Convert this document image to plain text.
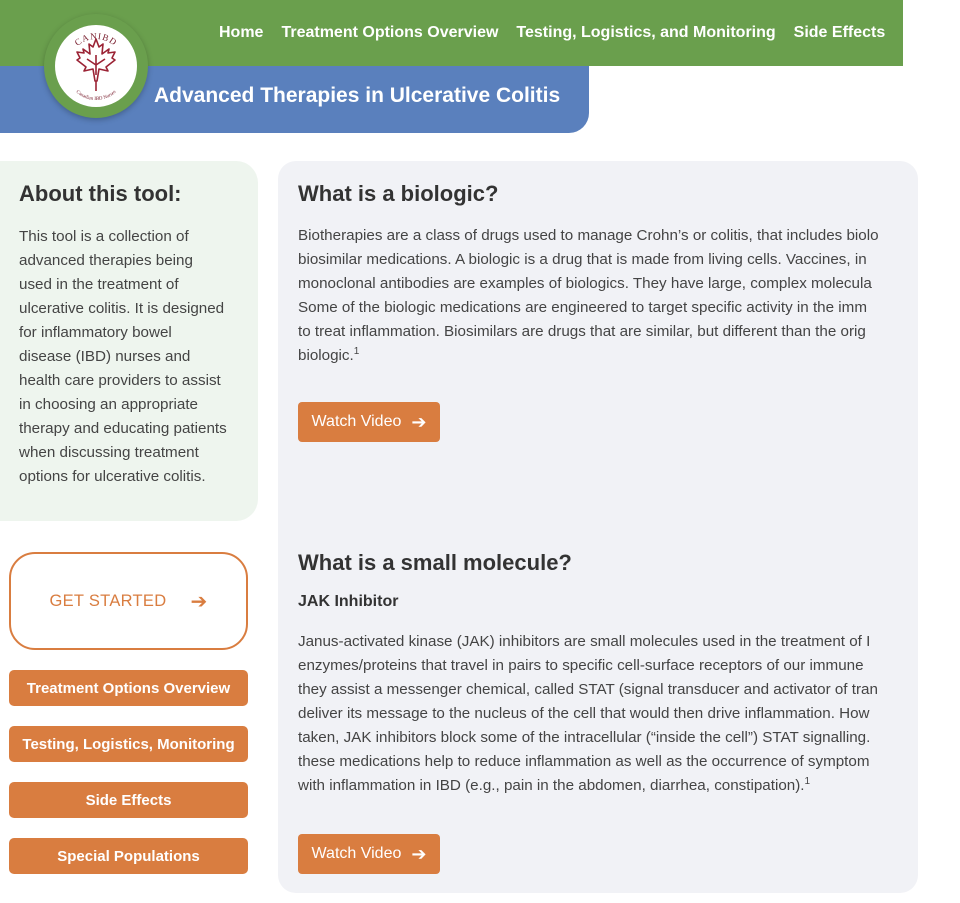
Home Treatment Options Overview Testing, Logistics, and Monitoring Side Effects Spec
Advanced Therapies in Ulcerative Colitis
CANIBD
Canadian IBD Nurses
About this tool:

This tool is a collection of
advanced therapies being
used in the treatment of
ulcerative colitis. It is designed
for inflammatory bowel
disease (IBD) nurses and
health care providers to assist
in choosing an appropriate
therapy and educating patients
when discussing treatment
options for ulcerative colitis.

GET STARTED ➔
Treatment Options Overview
Testing, Logistics, Monitoring
Side Effects
Special Populations
What is a biologic?

Biotherapies are a class of drugs used to manage Crohn’s or colitis, that includes biolo
biosimilar medications. A biologic is a drug that is made from living cells. Vaccines, in
monoclonal antibodies are examples of biologics. They have large, complex molecula
Some of the biologic medications are engineered to target specific activity in the imm
to treat inflammation. Biosimilars are drugs that are similar, but different than the orig
biologic.$^1$

Watch Video ➔
What is a small molecule?
JAK Inhibitor

Janus-activated kinase (JAK) inhibitors are small molecules used in the treatment of I
enzymes/proteins that travel in pairs to specific cell-surface receptors of our immune
they assist a messenger chemical, called STAT (signal transducer and activator of tran
deliver its message to the nucleus of the cell that would then drive inflammation. How
taken, JAK inhibitors block some of the intracellular (“inside the cell”) STAT signalling.
these medications help to reduce inflammation as well as the occurrence of symptom
with inflammation in IBD (e.g., pain in the abdomen, diarrhea, constipation).$^1$

Watch Video ➔
